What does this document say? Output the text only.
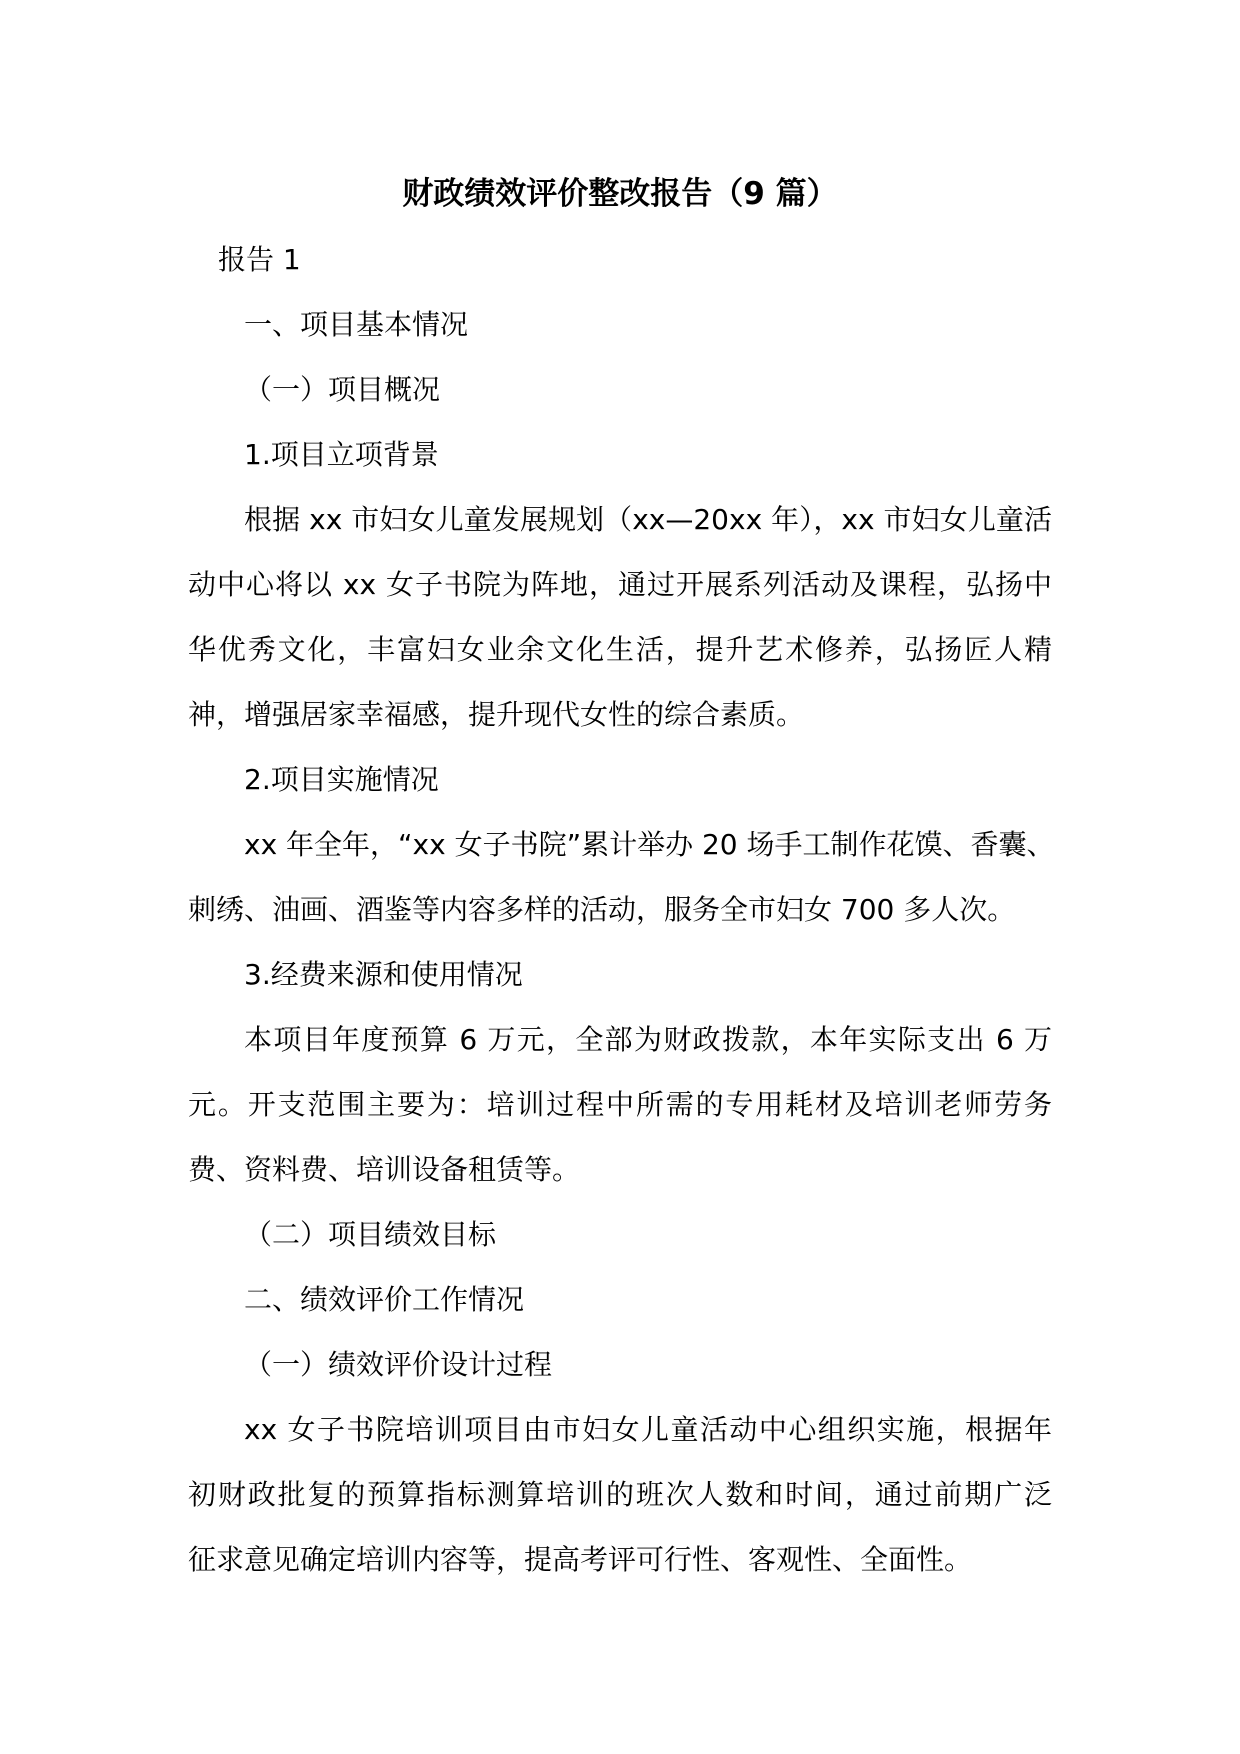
财政绩效评价整改报告（9 篇）
报告 1
一、项目基本情况
（一）项目概况
1.项目立项背景
根据 xx 市妇女儿童发展规划（xx—20xx 年），xx 市妇女儿童活
动中心将以 xx 女子书院为阵地，通过开展系列活动及课程，弘扬中
华优秀文化，丰富妇女业余文化生活，提升艺术修养，弘扬匠人精
神，增强居家幸福感，提升现代女性的综合素质。
2.项目实施情况
xx 年全年，“xx 女子书院”累计举办 20 场手工制作花馍、香囊、
刺绣、油画、酒鉴等内容多样的活动，服务全市妇女 700 多人次。
3.经费来源和使用情况
本项目年度预算 6 万元，全部为财政拨款，本年实际支出 6 万
元。开支范围主要为：培训过程中所需的专用耗材及培训老师劳务
费、资料费、培训设备租赁等。
（二）项目绩效目标
二、绩效评价工作情况
（一）绩效评价设计过程
xx 女子书院培训项目由市妇女儿童活动中心组织实施，根据年
初财政批复的预算指标测算培训的班次人数和时间，通过前期广泛
征求意见确定培训内容等，提高考评可行性、客观性、全面性。
